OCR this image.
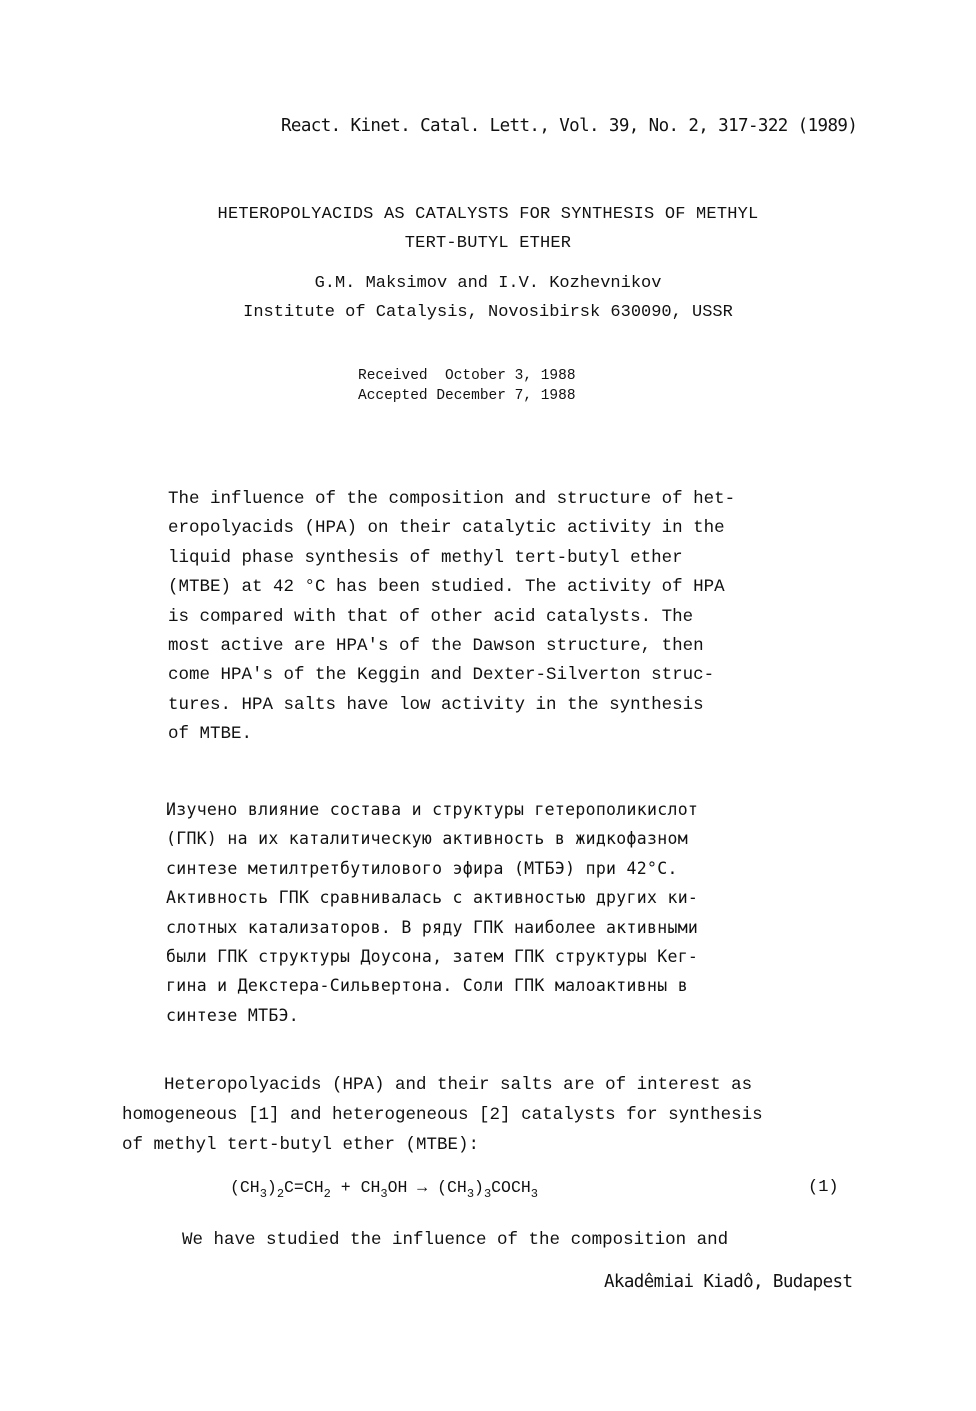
React. Kinet. Catal. Lett., Vol. 39, No. 2, 317-322 (1989)
HETEROPOLYACIDS AS CATALYSTS FOR SYNTHESIS OF METHYL
TERT-BUTYL ETHER
G.M. Maksimov and I.V. Kozhevnikov
Institute of Catalysis, Novosibirsk 630090, USSR
Received  October 3, 1988
Accepted December 7, 1988
The influence of the composition and structure of het-
eropolyacids (HPA) on their catalytic activity in the
liquid phase synthesis of methyl tert-butyl ether
(MTBE) at 42 °C has been studied. The activity of HPA
is compared with that of other acid catalysts. The
most active are HPA's of the Dawson structure, then
come HPA's of the Keggin and Dexter-Silverton struc-
tures. HPA salts have low activity in the synthesis
of MTBE.
Изучено влияние состава и структуры гетерополикислот
(ГПК) на их каталитическую активность в жидкофазном
синтезе метилтретбутилового эфира (МТБЭ) при 42°С.
Активность ГПК сравнивалась с активностью других ки-
слотных катализаторов. В ряду ГПК наиболее активными
были ГПК структуры Доусона, затем ГПК структуры Кег-
гина и Декстера-Сильвертона. Соли ГПК малоактивны в
синтезе МТБЭ.
Heteropolyacids (HPA) and their salts are of interest as
homogeneous [1] and heterogeneous [2] catalysts for synthesis
of methyl tert-butyl ether (MTBE):
$(CH_3)_2C=CH_2 + CH_3OH$ → $(CH_3)_3COCH_3$	(1)
We have studied the influence of the composition and
Akadêmiai Kiadô, Budapest
